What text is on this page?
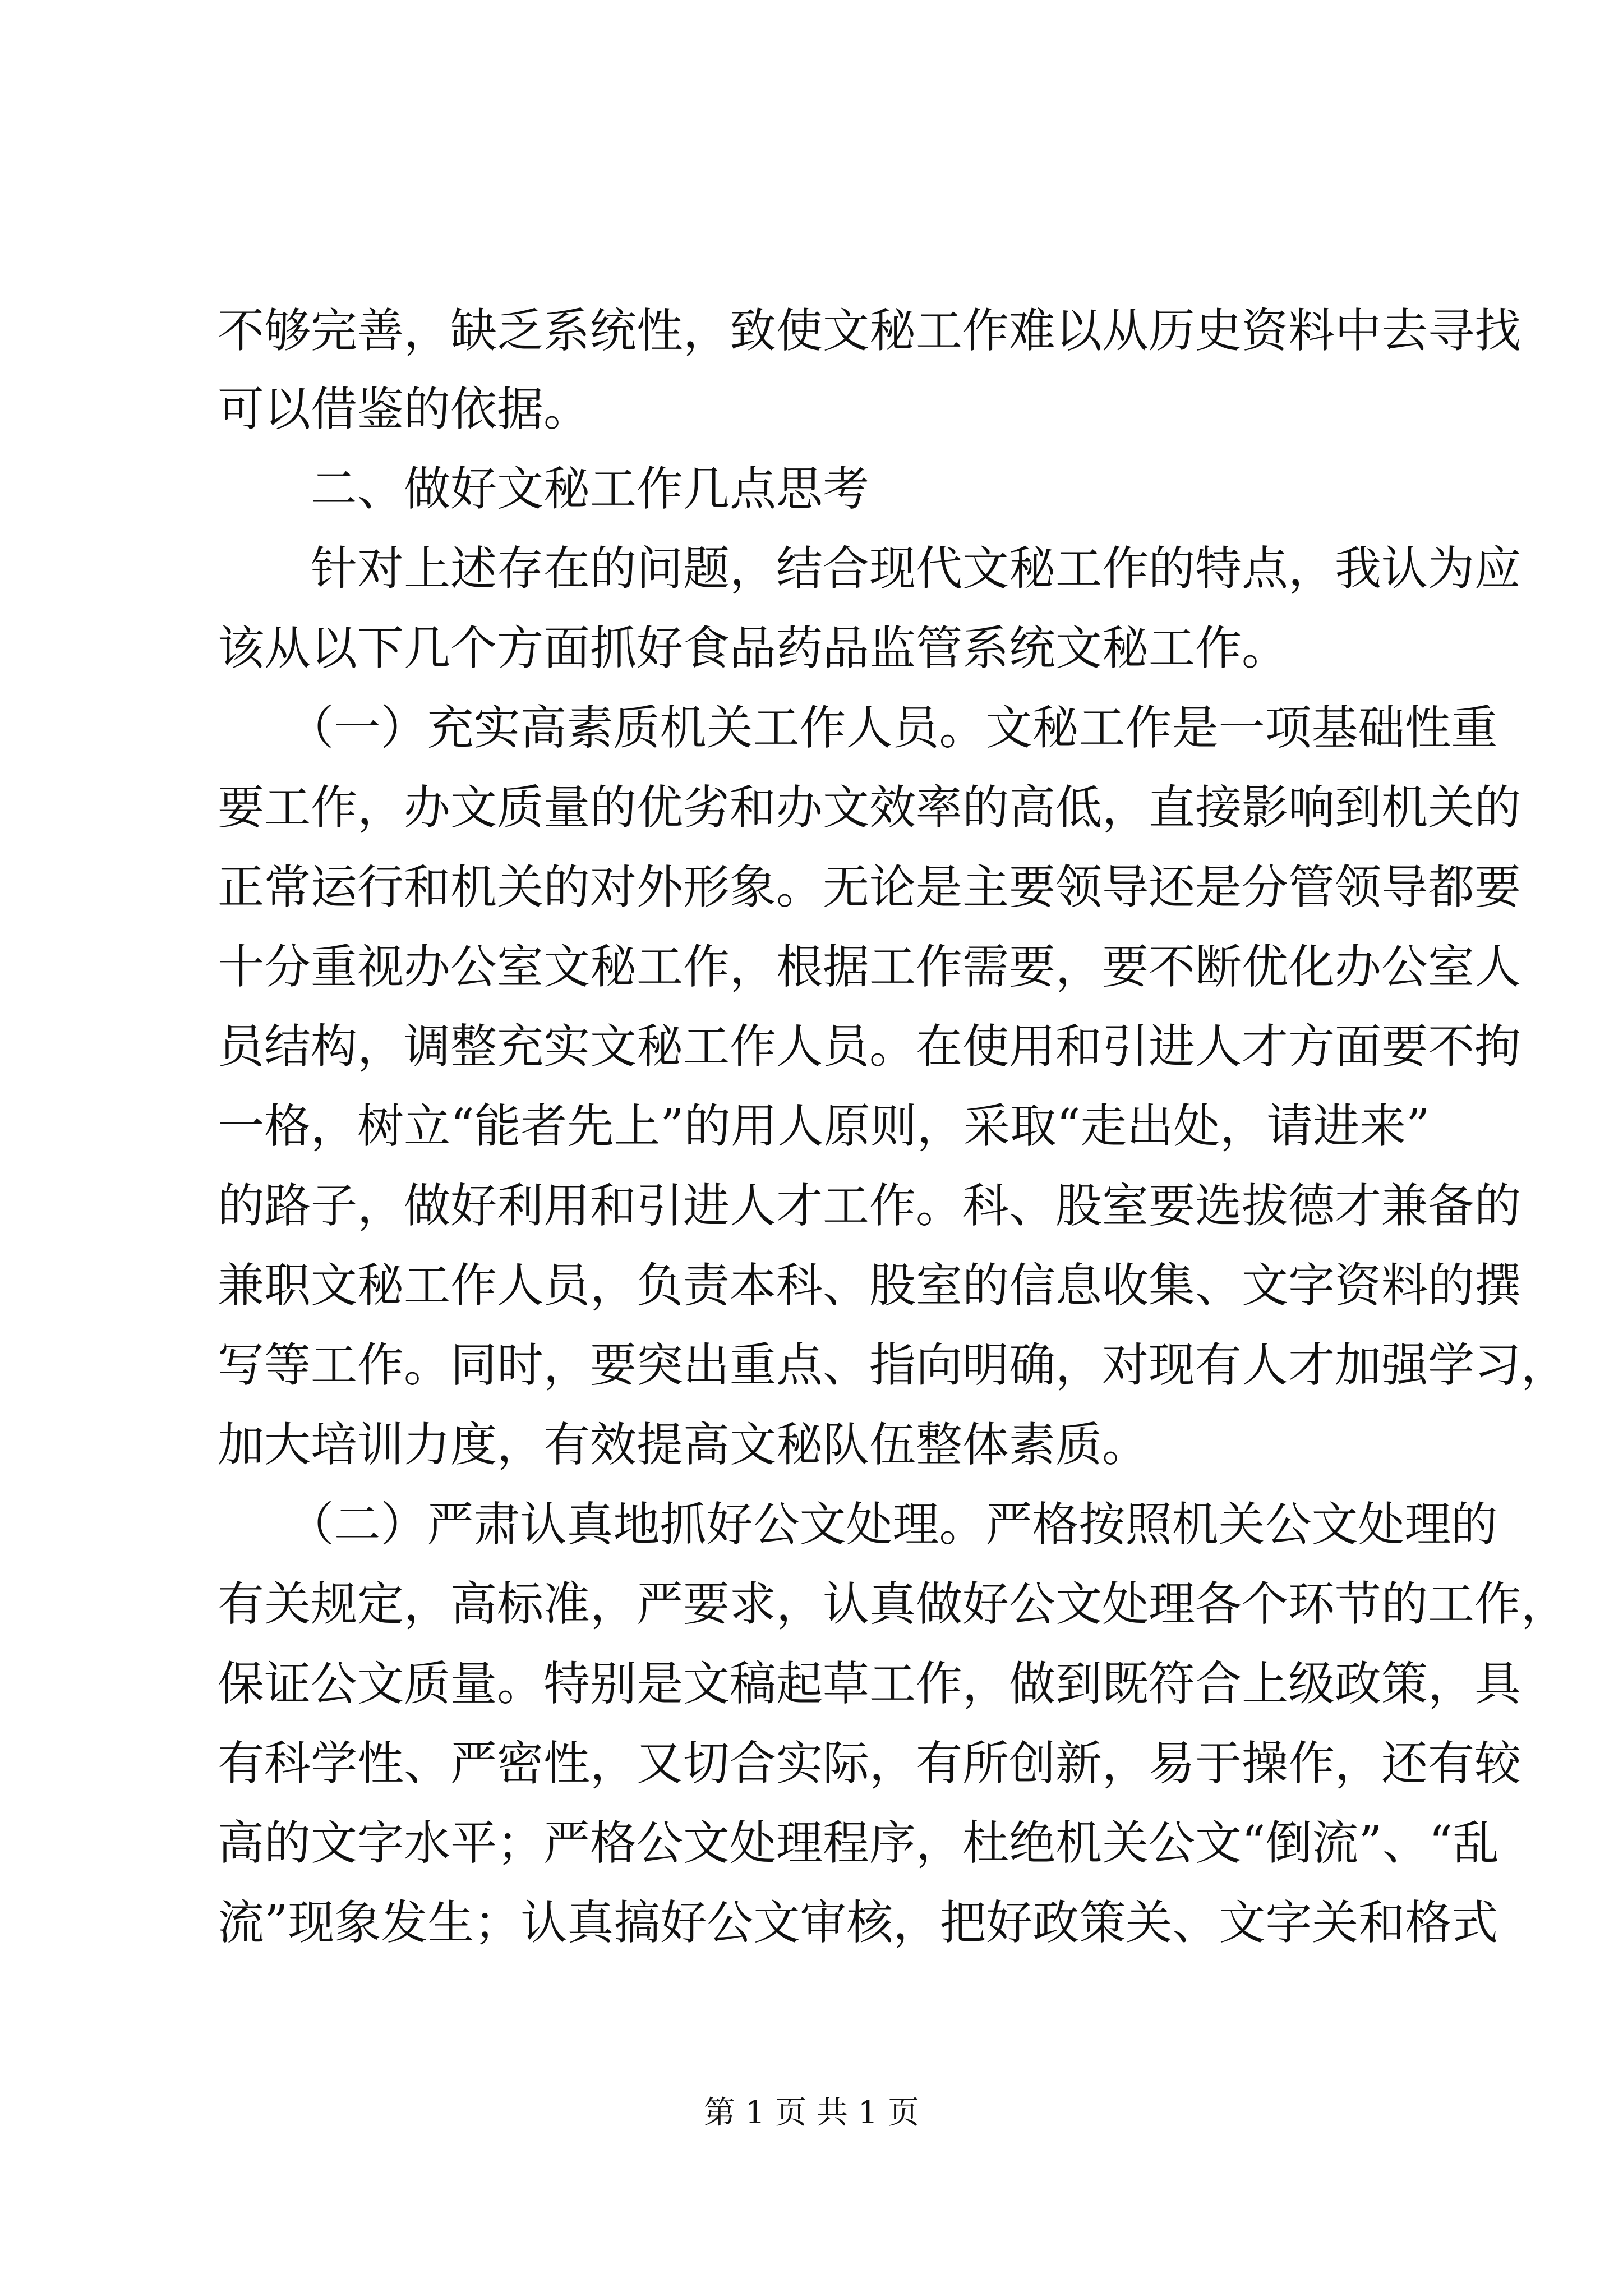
不够完善，缺乏系统性，致使文秘工作难以从历史资料中去寻找
可以借鉴的依据。
　　二、做好文秘工作几点思考
　　针对上述存在的问题，结合现代文秘工作的特点，我认为应
该从以下几个方面抓好食品药品监管系统文秘工作。
　　（一）充实高素质机关工作人员。文秘工作是一项基础性重
要工作，办文质量的优劣和办文效率的高低，直接影响到机关的
正常运行和机关的对外形象。无论是主要领导还是分管领导都要
十分重视办公室文秘工作，根据工作需要，要不断优化办公室人
员结构，调整充实文秘工作人员。在使用和引进人才方面要不拘
一格，树立“能者先上”的用人原则，采取“走出处，请进来”
的路子，做好利用和引进人才工作。科、股室要选拔德才兼备的
兼职文秘工作人员，负责本科、股室的信息收集、文字资料的撰
写等工作。同时，要突出重点、指向明确，对现有人才加强学习，
加大培训力度，有效提高文秘队伍整体素质。
　　（二）严肃认真地抓好公文处理。严格按照机关公文处理的
有关规定，高标准，严要求，认真做好公文处理各个环节的工作，
保证公文质量。特别是文稿起草工作，做到既符合上级政策，具
有科学性、严密性，又切合实际，有所创新，易于操作，还有较
高的文字水平；严格公文处理程序，杜绝机关公文“倒流”、“乱
流”现象发生；认真搞好公文审核，把好政策关、文字关和格式
第 1 页 共 1 页
